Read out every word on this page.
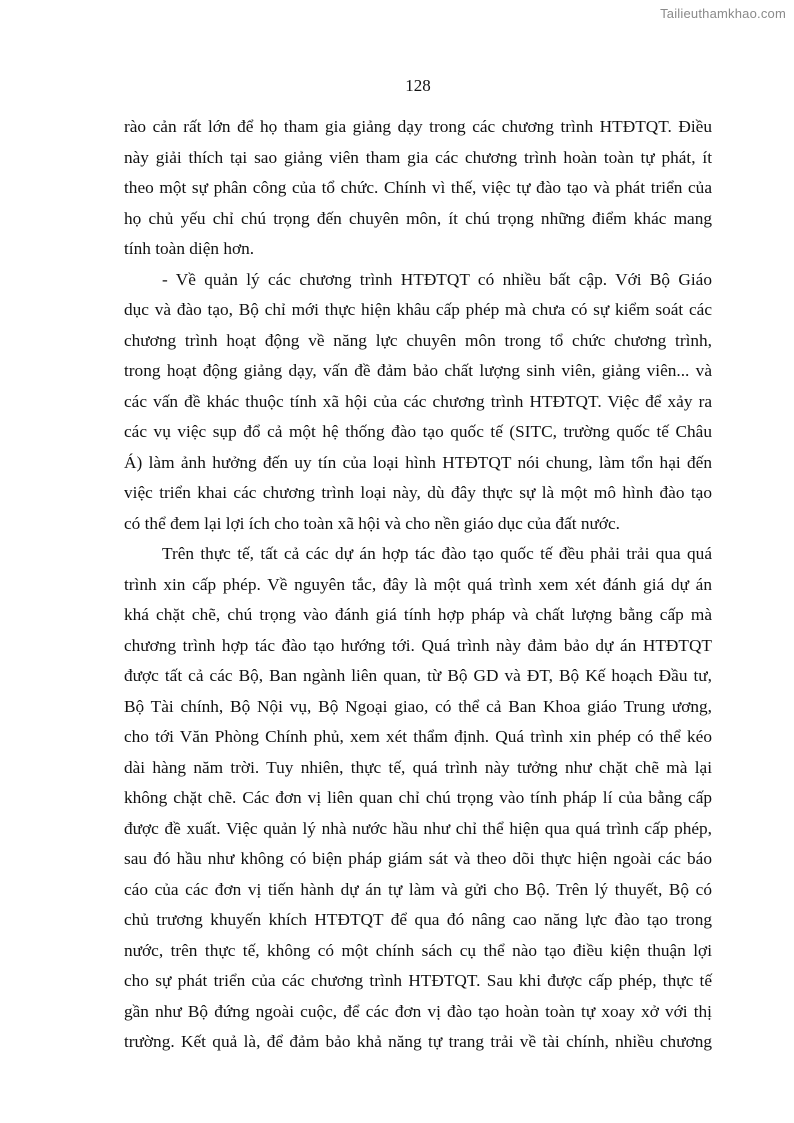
Tailieuthamkhao.com
128
rào cản rất lớn để họ tham gia giảng dạy trong các chương trình HTĐTQT. Điều
này giải thích tại sao giảng viên tham gia các chương trình hoàn toàn tự phát, ít
theo một sự phân công của tổ chức. Chính vì thế, việc tự đào tạo và phát triển của
họ chủ yếu chỉ chú trọng đến chuyên môn, ít chú trọng những điểm khác mang
tính toàn diện hơn.
- Về quản lý các chương trình HTĐTQT có nhiều bất cập. Với Bộ Giáo
dục và đào tạo, Bộ chỉ mới thực hiện khâu cấp phép mà chưa có sự kiểm soát các
chương trình hoạt động về năng lực chuyên môn trong tổ chức chương trình,
trong hoạt động giảng dạy, vấn đề đảm bảo chất lượng sinh viên, giảng viên... và
các vấn đề khác thuộc tính xã hội của các chương trình HTĐTQT. Việc để xảy ra
các vụ việc sụp đổ cả một hệ thống đào tạo quốc tế (SITC, trường quốc tế Châu
Á) làm ảnh hưởng đến uy tín của loại hình HTĐTQT nói chung, làm tổn hại đến
việc triển khai các chương trình loại này, dù đây thực sự là một mô hình đào tạo
có thể đem lại lợi ích cho toàn xã hội và cho nền giáo dục của đất nước.
Trên thực tế, tất cả các dự án hợp tác đào tạo quốc tế đều phải trải qua quá
trình xin cấp phép. Về nguyên tắc, đây là một quá trình xem xét đánh giá dự án
khá chặt chẽ, chú trọng vào đánh giá tính hợp pháp và chất lượng bằng cấp mà
chương trình hợp tác đào tạo hướng tới. Quá trình này đảm bảo dự án HTĐTQT
được tất cả các Bộ, Ban ngành liên quan, từ Bộ GD và ĐT, Bộ Kế hoạch Đầu tư,
Bộ Tài chính, Bộ Nội vụ, Bộ Ngoại giao, có thể cả Ban Khoa giáo Trung ương,
cho tới Văn Phòng Chính phủ, xem xét thẩm định. Quá trình xin phép có thể kéo
dài hàng năm trời. Tuy nhiên, thực tế, quá trình này tưởng như chặt chẽ mà lại
không chặt chẽ. Các đơn vị liên quan chỉ chú trọng vào tính pháp lí của bằng cấp
được đề xuất. Việc quản lý nhà nước hầu như chỉ thể hiện qua quá trình cấp phép,
sau đó hầu như không có biện pháp giám sát và theo dõi thực hiện ngoài các báo
cáo của các đơn vị tiến hành dự án tự làm và gửi cho Bộ. Trên lý thuyết, Bộ có
chủ trương khuyến khích HTĐTQT để qua đó nâng cao năng lực đào tạo trong
nước, trên thực tế, không có một chính sách cụ thể nào tạo điều kiện thuận lợi
cho sự phát triển của các chương trình HTĐTQT. Sau khi được cấp phép, thực tế
gần như Bộ đứng ngoài cuộc, để các đơn vị đào tạo hoàn toàn tự xoay xở với thị
trường. Kết quả là, để đảm bảo khả năng tự trang trải về tài chính, nhiều chương
